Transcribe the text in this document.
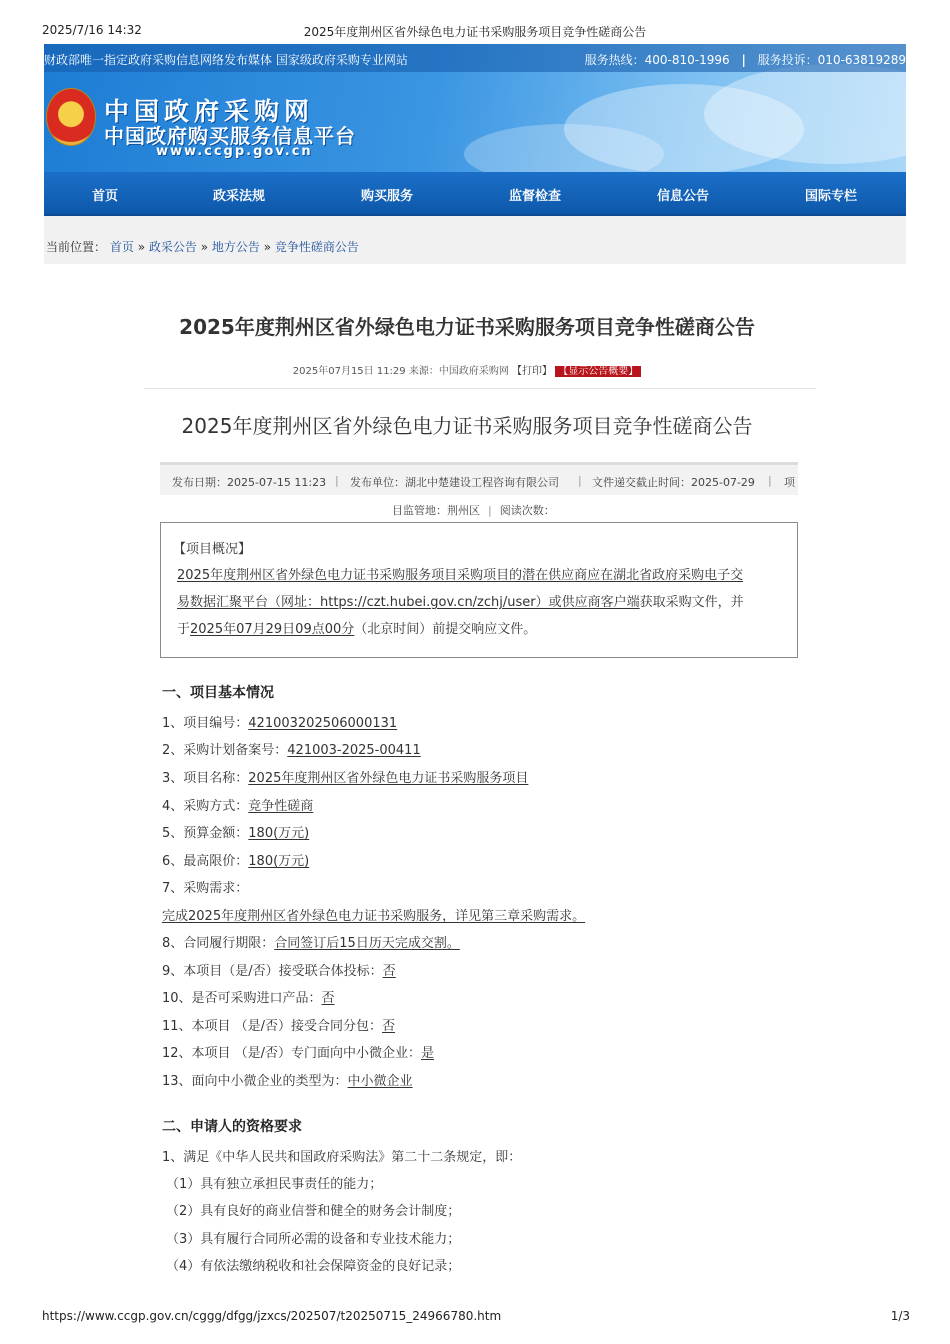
2025/7/16 14:32	2025年度荆州区省外绿色电力证书采购服务项目竞争性磋商公告
财政部唯一指定政府采购信息网络发布媒体 国家级政府采购专业网站	服务热线：400-810-1996 | 服务投诉：010-63819289
中国政府采购网
中国政府购买服务信息平台
www.ccgp.gov.cn
首页	政采法规	购买服务	监督检查	信息公告	国际专栏
当前位置： 首页 » 政采公告 » 地方公告 » 竞争性磋商公告
2025年度荆州区省外绿色电力证书采购服务项目竞争性磋商公告
2025年07月15日 11:29 来源：中国政府采购网 【打印】 【显示公告概要】
2025年度荆州区省外绿色电力证书采购服务项目竞争性磋商公告
发布日期：2025-07-15 11:23 | 发布单位：湖北中楚建设工程咨询有限公司 | 文件递交截止时间：2025-07-29 | 项
目监管地：荆州区 | 阅读次数：
【项目概况】
2025年度荆州区省外绿色电力证书采购服务项目采购项目的潜在供应商应在湖北省政府采购电子交
易数据汇聚平台（网址：https://czt.hubei.gov.cn/zchj/user）或供应商客户端获取采购文件，并
于2025年07月29日09点00分（北京时间）前提交响应文件。
一、项目基本情况
1、项目编号：421003202506000131
2、采购计划备案号：421003-2025-00411
3、项目名称：2025年度荆州区省外绿色电力证书采购服务项目
4、采购方式：竞争性磋商
5、预算金额：180(万元)
6、最高限价：180(万元)
7、采购需求：
完成2025年度荆州区省外绿色电力证书采购服务，详见第三章采购需求。
8、合同履行期限：合同签订后15日历天完成交割。
9、本项目（是/否）接受联合体投标：否
10、是否可采购进口产品：否
11、本项目 （是/否）接受合同分包：否
12、本项目 （是/否）专门面向中小微企业：是
13、面向中小微企业的类型为：中小微企业
二、申请人的资格要求
1、满足《中华人民共和国政府采购法》第二十二条规定，即：
（1）具有独立承担民事责任的能力；
（2）具有良好的商业信誉和健全的财务会计制度；
（3）具有履行合同所必需的设备和专业技术能力；
（4）有依法缴纳税收和社会保障资金的良好记录；
https://www.ccgp.gov.cn/cggg/dfgg/jzxcs/202507/t20250715_24966780.htm	1/3
